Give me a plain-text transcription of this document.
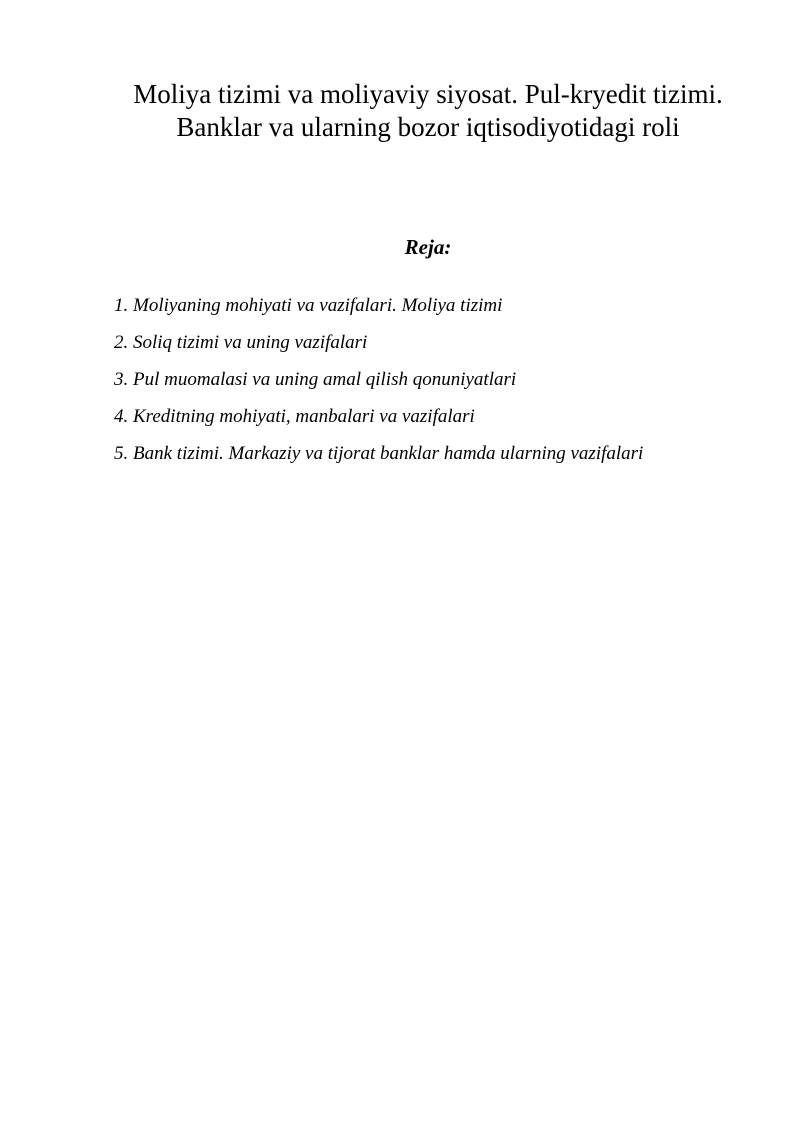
Moliya tizimi va moliyaviy siyosat. Pul-kryedit tizimi. Banklar va ularning bozor iqtisodiyotidagi roli
Reja:
1. Moliyaning mohiyati va vazifalari. Moliya tizimi
2. Soliq tizimi va uning vazifalari
3. Pul muomalasi va uning amal qilish qonuniyatlari
4. Kreditning mohiyati, manbalari va vazifalari
5. Bank tizimi. Markaziy va tijorat banklar hamda ularning vazifalari
